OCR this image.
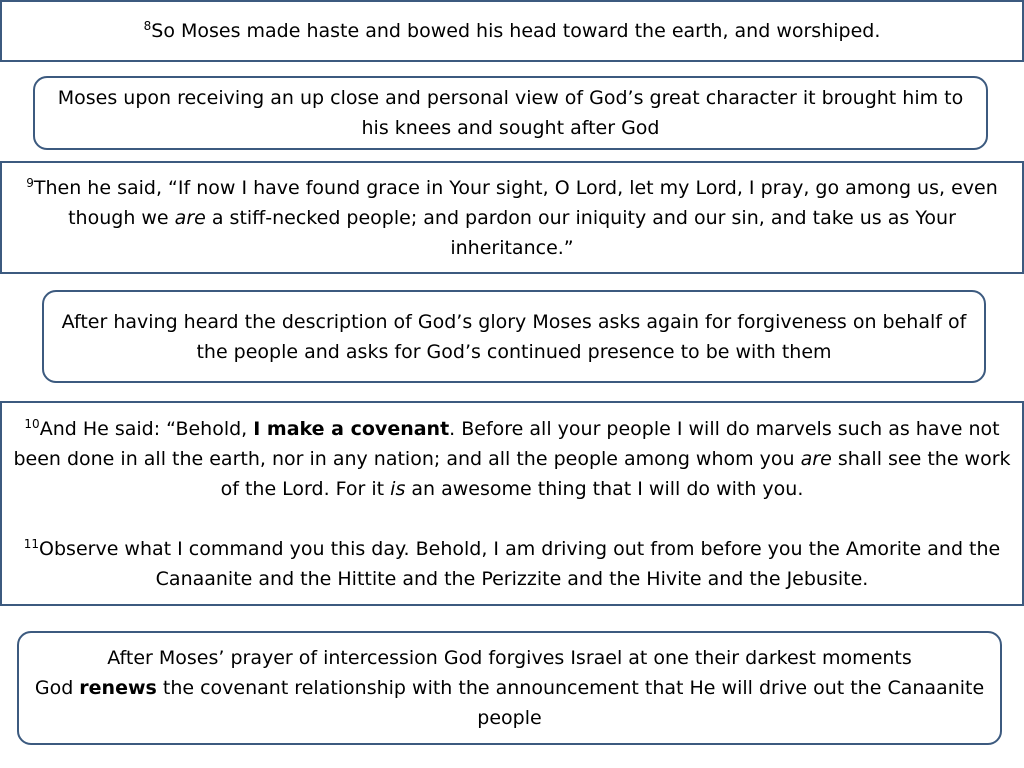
$^8$So Moses made haste and bowed his head toward the earth, and worshiped.

Moses upon receiving an up close and personal view of God’s great character it brought him to his knees and sought after God

$^9$Then he said, “If now I have found grace in Your sight, O Lord, let my Lord, I pray, go among us, even though we are a stiff-necked people; and pardon our iniquity and our sin, and take us as Your inheritance.”

After having heard the description of God’s glory Moses asks again for forgiveness on behalf of the people and asks for God’s continued presence to be with them

$^{10}$And He said: “Behold, I make a covenant. Before all your people I will do marvels such as have not been done in all the earth, nor in any nation; and all the people among whom you are shall see the work of the Lord. For it is an awesome thing that I will do with you.

$^{11}$Observe what I command you this day. Behold, I am driving out from before you the Amorite and the Canaanite and the Hittite and the Perizzite and the Hivite and the Jebusite.

After Moses’ prayer of intercession God forgives Israel at one their darkest moments

God renews the covenant relationship with the announcement that He will drive out the Canaanite people
